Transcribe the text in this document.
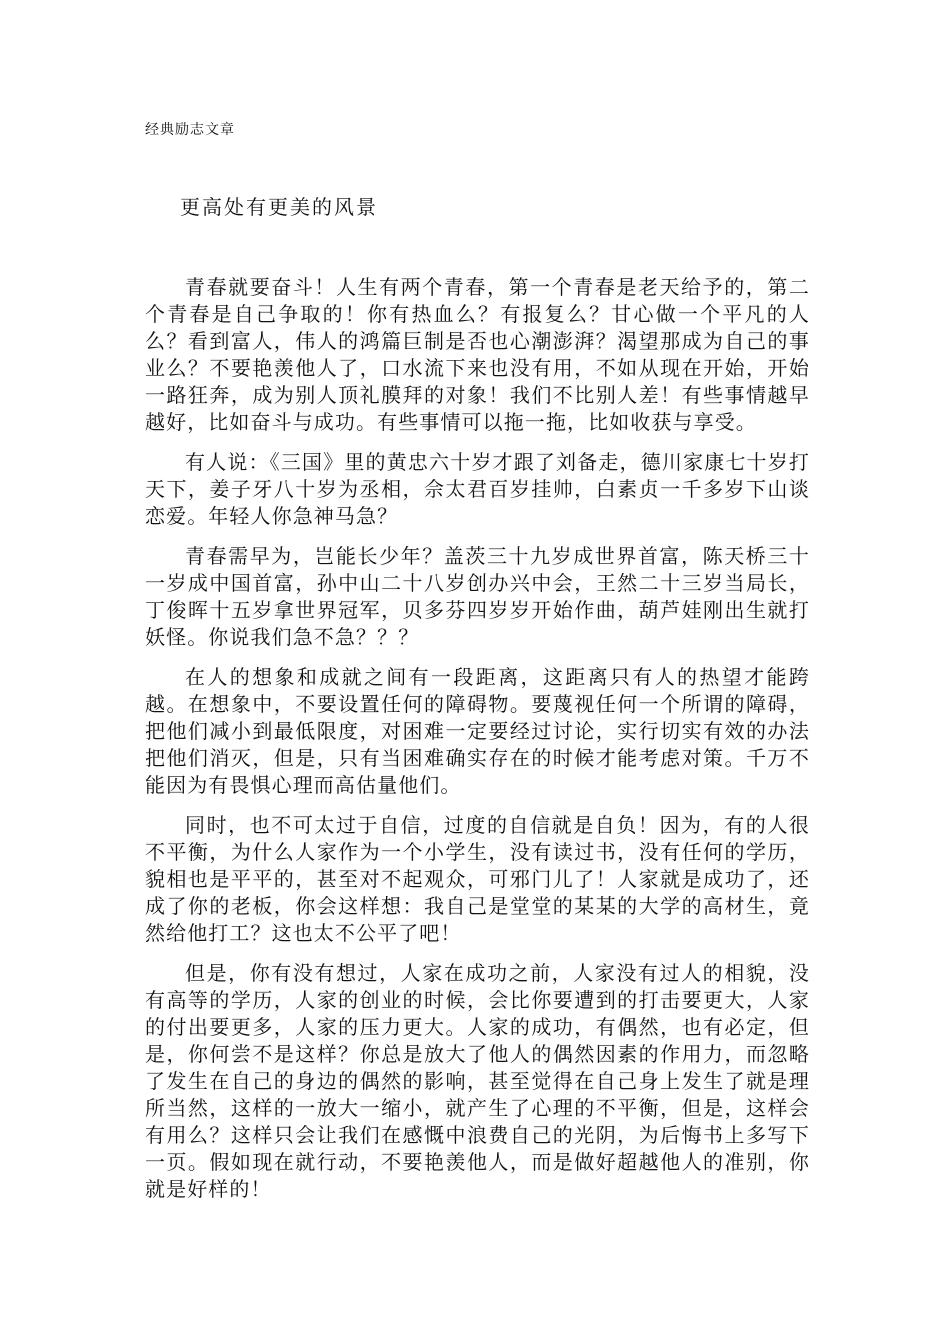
经典励志文章
更高处有更美的风景

青春就要奋斗！人生有两个青春，第一个青春是老天给予的，第二个青春是自己争取的！你有热血么？有报复么？甘心做一个平凡的人么？看到富人，伟人的鸿篇巨制是否也心潮澎湃？渴望那成为自己的事业么？不要艳羡他人了，口水流下来也没有用，不如从现在开始，开始一路狂奔，成为别人顶礼膜拜的对象！我们不比别人差！有些事情越早越好，比如奋斗与成功。有些事情可以拖一拖，比如收获与享受。

有人说：《三国》里的黄忠六十岁才跟了刘备走，德川家康七十岁打天下，姜子牙八十岁为丞相，佘太君百岁挂帅，白素贞一千多岁下山谈恋爱。年轻人你急神马急？

青春需早为，岂能长少年？盖茨三十九岁成世界首富，陈天桥三十一岁成中国首富，孙中山二十八岁创办兴中会，王然二十三岁当局长，丁俊晖十五岁拿世界冠军，贝多芬四岁岁开始作曲，葫芦娃刚出生就打妖怪。你说我们急不急？？？

在人的想象和成就之间有一段距离，这距离只有人的热望才能跨越。在想象中，不要设置任何的障碍物。要蔑视任何一个所谓的障碍，把他们减小到最低限度，对困难一定要经过讨论，实行切实有效的办法把他们消灭，但是，只有当困难确实存在的时候才能考虑对策。千万不能因为有畏惧心理而高估量他们。

同时，也不可太过于自信，过度的自信就是自负！因为，有的人很不平衡，为什么人家作为一个小学生，没有读过书，没有任何的学历，貌相也是平平的，甚至对不起观众，可邪门儿了！人家就是成功了，还成了你的老板，你会这样想：我自己是堂堂的某某的大学的高材生，竟然给他打工？这也太不公平了吧！

但是，你有没有想过，人家在成功之前，人家没有过人的相貌，没有高等的学历，人家的创业的时候，会比你要遭到的打击要更大，人家的付出要更多，人家的压力更大。人家的成功，有偶然，也有必定，但是，你何尝不是这样？你总是放大了他人的偶然因素的作用力，而忽略了发生在自己的身边的偶然的影响，甚至觉得在自己身上发生了就是理所当然，这样的一放大一缩小，就产生了心理的不平衡，但是，这样会有用么？这样只会让我们在感慨中浪费自己的光阴，为后悔书上多写下一页。假如现在就行动，不要艳羡他人，而是做好超越他人的准别，你就是好样的！
